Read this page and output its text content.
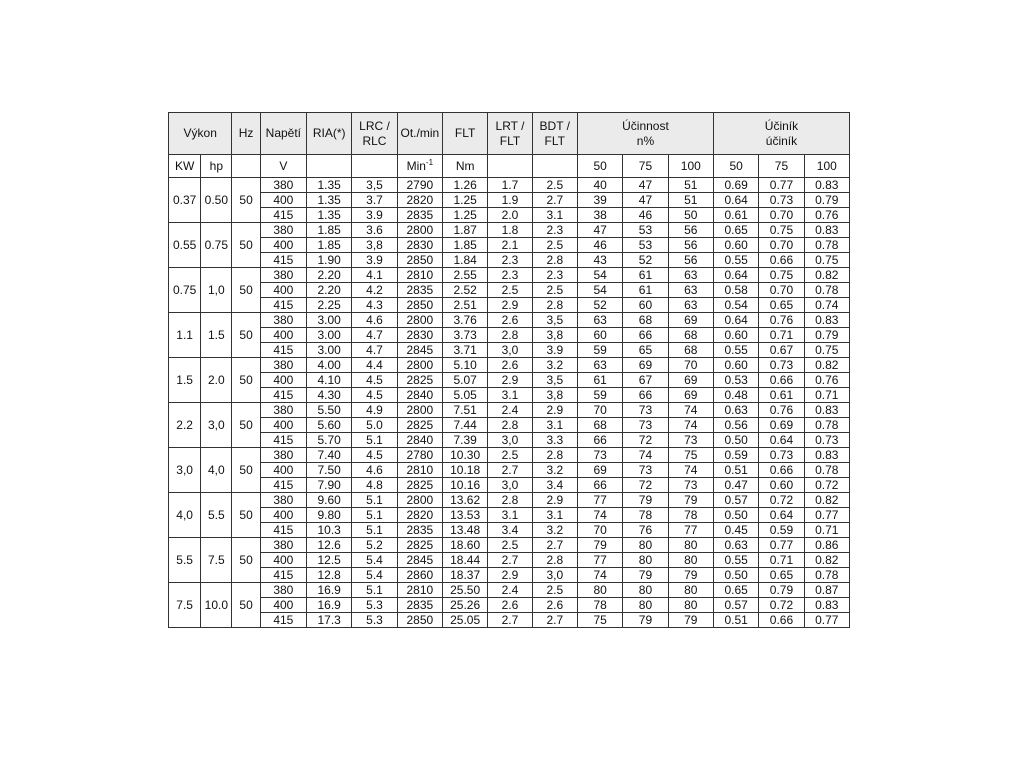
Výkon		Hz	Napětí	RIA(*)	LRC / RLC	Ot./min	FLT	LRT / FLT	BDT / FLT	Účinnost n%			Účiník účiník		
KW	hp		V			Min$^{-1}$	Nm			50	75	100	50	75	100
0.37	0.50	50	380	1.35	3,5	2790	1.26	1.7	2.5	40	47	51	0.69	0.77	0.83
			400	1.35	3.7	2820	1.25	1.9	2.7	39	47	51	0.64	0.73	0.79
			415	1.35	3.9	2835	1.25	2.0	3.1	38	46	50	0.61	0.70	0.76
0.55	0.75	50	380	1.85	3.6	2800	1.87	1.8	2.3	47	53	56	0.65	0.75	0.83
			400	1.85	3,8	2830	1.85	2.1	2.5	46	53	56	0.60	0.70	0.78
			415	1.90	3.9	2850	1.84	2.3	2.8	43	52	56	0.55	0.66	0.75
0.75	1,0	50	380	2.20	4.1	2810	2.55	2.3	2.3	54	61	63	0.64	0.75	0.82
			400	2.20	4.2	2835	2.52	2.5	2.5	54	61	63	0.58	0.70	0.78
			415	2.25	4.3	2850	2.51	2.9	2.8	52	60	63	0.54	0.65	0.74
1.1	1.5	50	380	3.00	4.6	2800	3.76	2.6	3,5	63	68	69	0.64	0.76	0.83
			400	3.00	4.7	2830	3.73	2.8	3,8	60	66	68	0.60	0.71	0.79
			415	3.00	4.7	2845	3.71	3,0	3.9	59	65	68	0.55	0.67	0.75
1.5	2.0	50	380	4.00	4.4	2800	5.10	2.6	3.2	63	69	70	0.60	0.73	0.82
			400	4.10	4.5	2825	5.07	2.9	3,5	61	67	69	0.53	0.66	0.76
			415	4.30	4.5	2840	5.05	3.1	3,8	59	66	69	0.48	0.61	0.71
2.2	3,0	50	380	5.50	4.9	2800	7.51	2.4	2.9	70	73	74	0.63	0.76	0.83
			400	5.60	5.0	2825	7.44	2.8	3.1	68	73	74	0.56	0.69	0.78
			415	5.70	5.1	2840	7.39	3,0	3.3	66	72	73	0.50	0.64	0.73
3,0	4,0	50	380	7.40	4.5	2780	10.30	2.5	2.8	73	74	75	0.59	0.73	0.83
			400	7.50	4.6	2810	10.18	2.7	3.2	69	73	74	0.51	0.66	0.78
			415	7.90	4.8	2825	10.16	3,0	3.4	66	72	73	0.47	0.60	0.72
4,0	5.5	50	380	9.60	5.1	2800	13.62	2.8	2.9	77	79	79	0.57	0.72	0.82
			400	9.80	5.1	2820	13.53	3.1	3.1	74	78	78	0.50	0.64	0.77
			415	10.3	5.1	2835	13.48	3.4	3.2	70	76	77	0.45	0.59	0.71
5.5	7.5	50	380	12.6	5.2	2825	18.60	2.5	2.7	79	80	80	0.63	0.77	0.86
			400	12.5	5.4	2845	18.44	2.7	2.8	77	80	80	0.55	0.71	0.82
			415	12.8	5.4	2860	18.37	2.9	3,0	74	79	79	0.50	0.65	0.78
7.5	10.0	50	380	16.9	5.1	2810	25.50	2.4	2.5	80	80	80	0.65	0.79	0.87
			400	16.9	5.3	2835	25.26	2.6	2.6	78	80	80	0.57	0.72	0.83
			415	17.3	5.3	2850	25.05	2.7	2.7	75	79	79	0.51	0.66	0.77
